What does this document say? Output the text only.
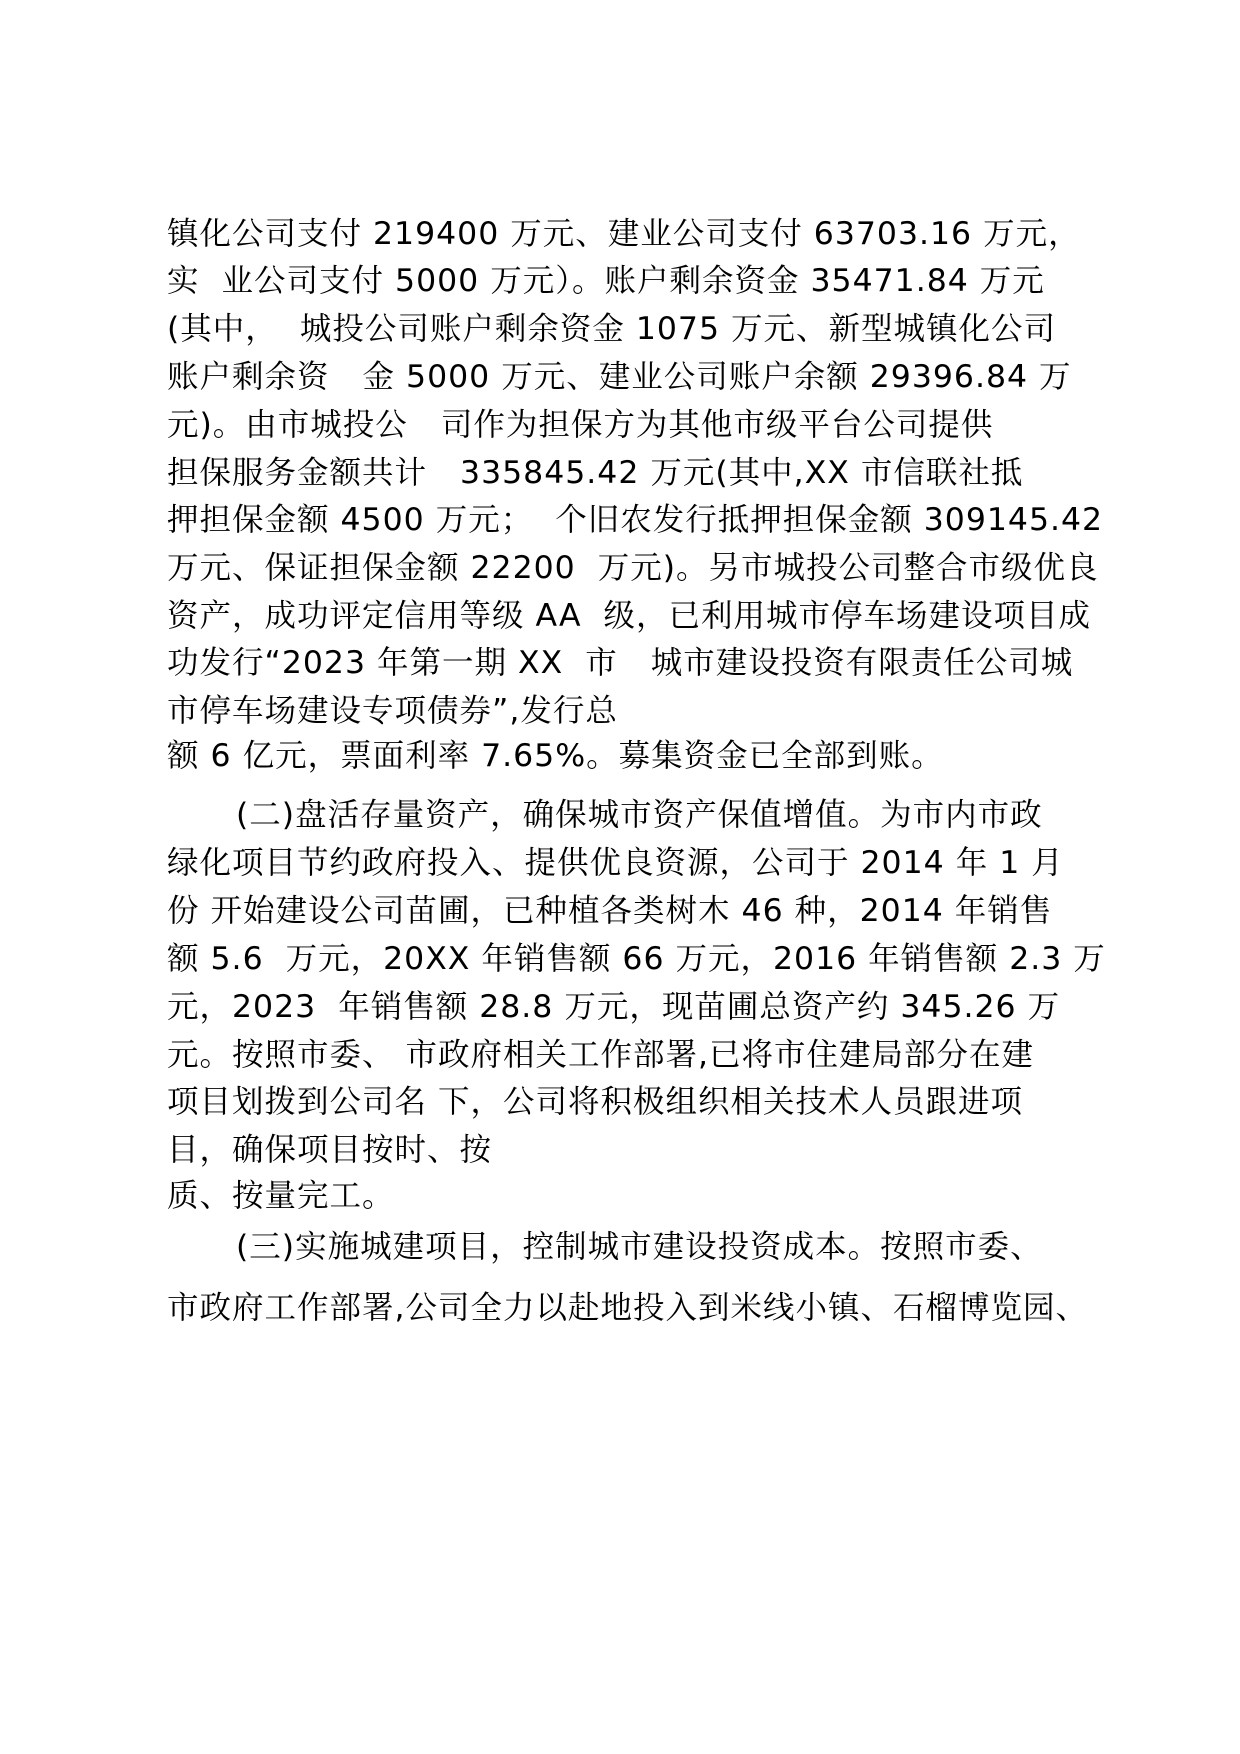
镇化公司支付 219400 万元、建业公司支付 63703.16 万元，
实  业公司支付 5000 万元）。账户剩余资金 35471.84 万元
(其中，  城投公司账户剩余资金 1075 万元、新型城镇化公司
账户剩余资   金 5000 万元、建业公司账户余额 29396.84 万
元)。由市城投公   司作为担保方为其他市级平台公司提供
担保服务金额共计   335845.42 万元(其中,XX 市信联社抵
押担保金额 4500 万元；  个旧农发行抵押担保金额 309145.42
万元、保证担保金额 22200  万元)。另市城投公司整合市级优良
资产，成功评定信用等级 AA  级，已利用城市停车场建设项目成
功发行“2023 年第一期 XX  市   城市建设投资有限责任公司城
市停车场建设专项债券”,发行总
额 6 亿元，票面利率 7.65%。募集资金已全部到账。
(二)盘活存量资产，确保城市资产保值增值。为市内市政
绿化项目节约政府投入、提供优良资源，公司于 2014 年 1 月
份 开始建设公司苗圃，已种植各类树木 46 种，2014 年销售
额 5.6  万元，20XX 年销售额 66 万元，2016 年销售额 2.3 万
元，2023  年销售额 28.8 万元，现苗圃总资产约 345.26 万
元。按照市委、 市政府相关工作部署,已将市住建局部分在建
项目划拨到公司名 下，公司将积极组织相关技术人员跟进项
目，确保项目按时、按
质、按量完工。
(三)实施城建项目，控制城市建设投资成本。按照市委、
市政府工作部署,公司全力以赴地投入到米线小镇、石榴博览园、
